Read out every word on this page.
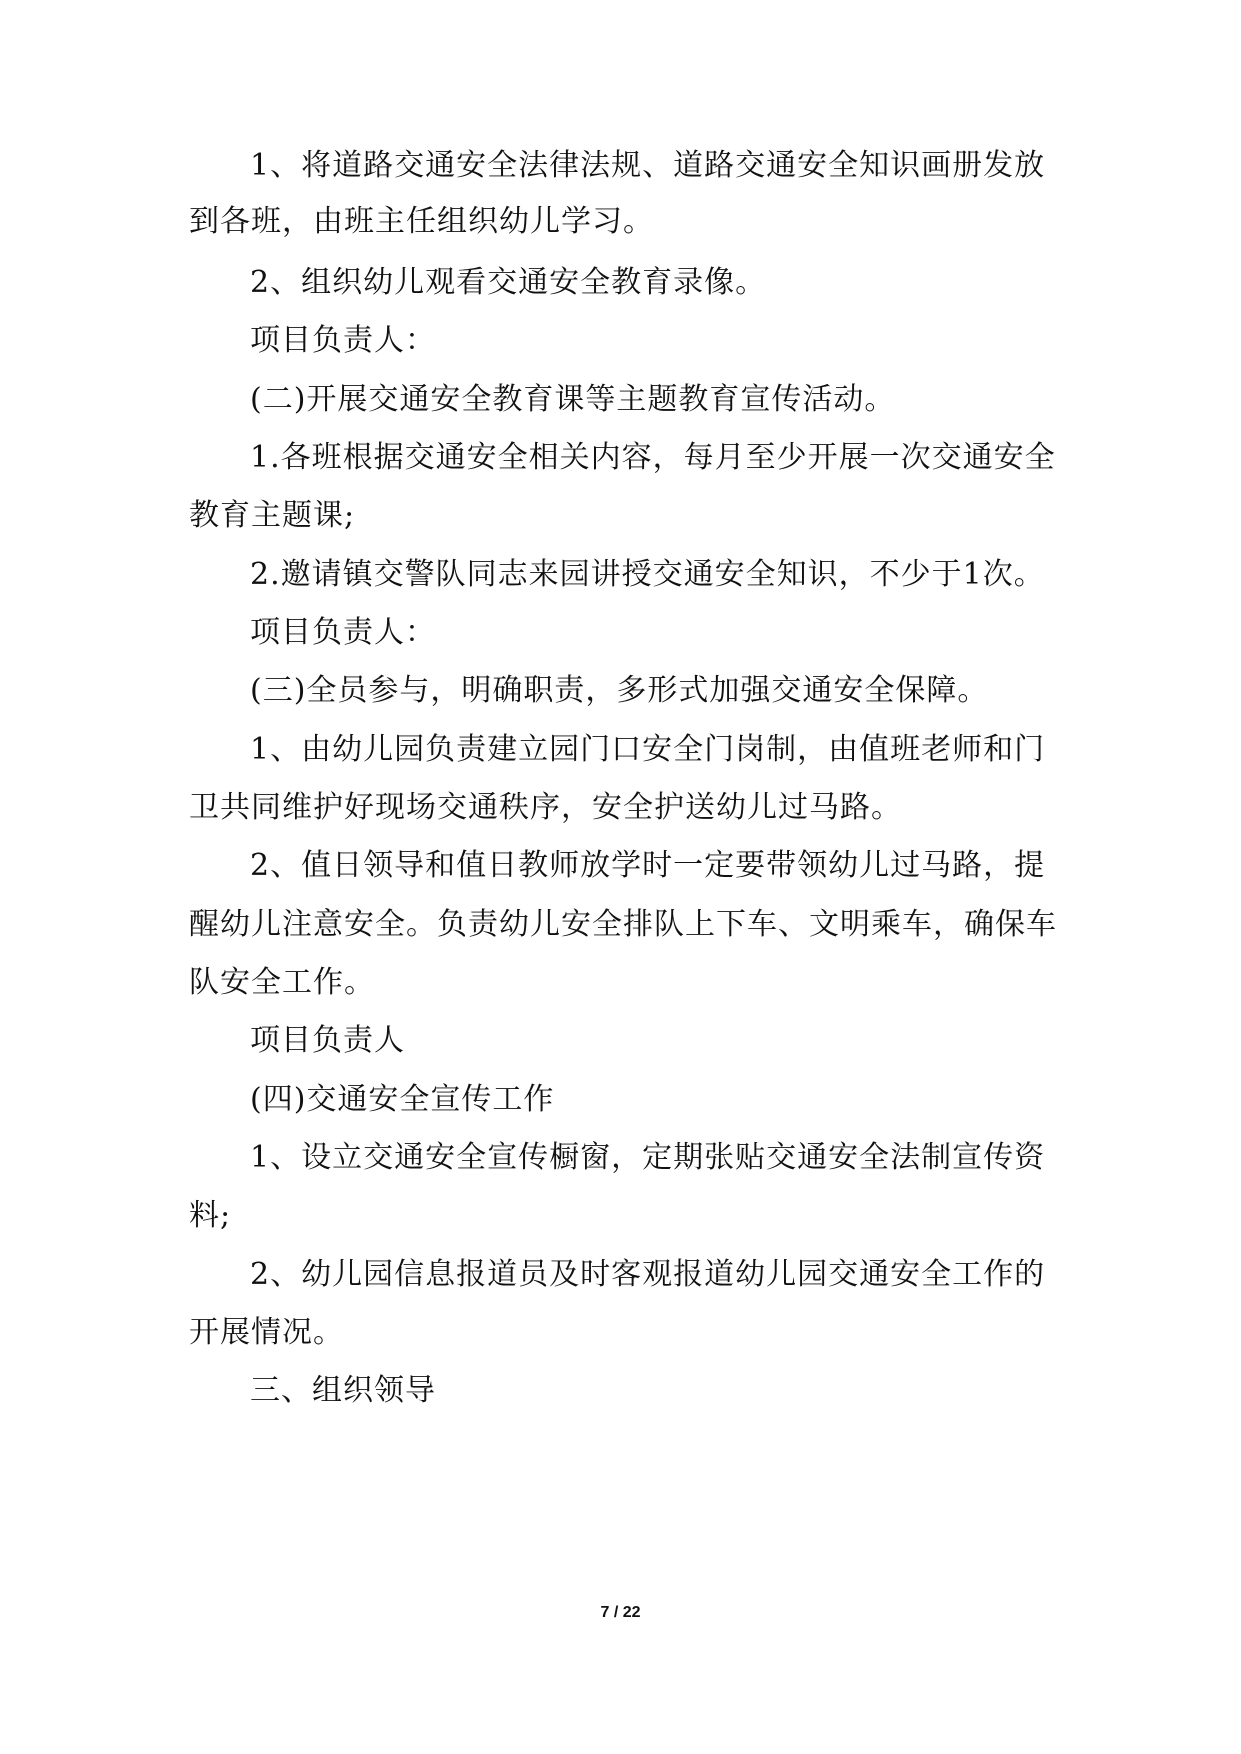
1、将道路交通安全法律法规、道路交通安全知识画册发放
到各班，由班主任组织幼儿学习。
2、组织幼儿观看交通安全教育录像。
项目负责人：
(二)开展交通安全教育课等主题教育宣传活动。
1.各班根据交通安全相关内容，每月至少开展一次交通安全
教育主题课;
2.邀请镇交警队同志来园讲授交通安全知识，不少于1次。
项目负责人：
(三)全员参与，明确职责，多形式加强交通安全保障。
1、由幼儿园负责建立园门口安全门岗制，由值班老师和门
卫共同维护好现场交通秩序，安全护送幼儿过马路。
2、值日领导和值日教师放学时一定要带领幼儿过马路，提
醒幼儿注意安全。负责幼儿安全排队上下车、文明乘车，确保车
队安全工作。
项目负责人
(四)交通安全宣传工作
1、设立交通安全宣传橱窗，定期张贴交通安全法制宣传资
料;
2、幼儿园信息报道员及时客观报道幼儿园交通安全工作的
开展情况。
三、组织领导
7 / 22
